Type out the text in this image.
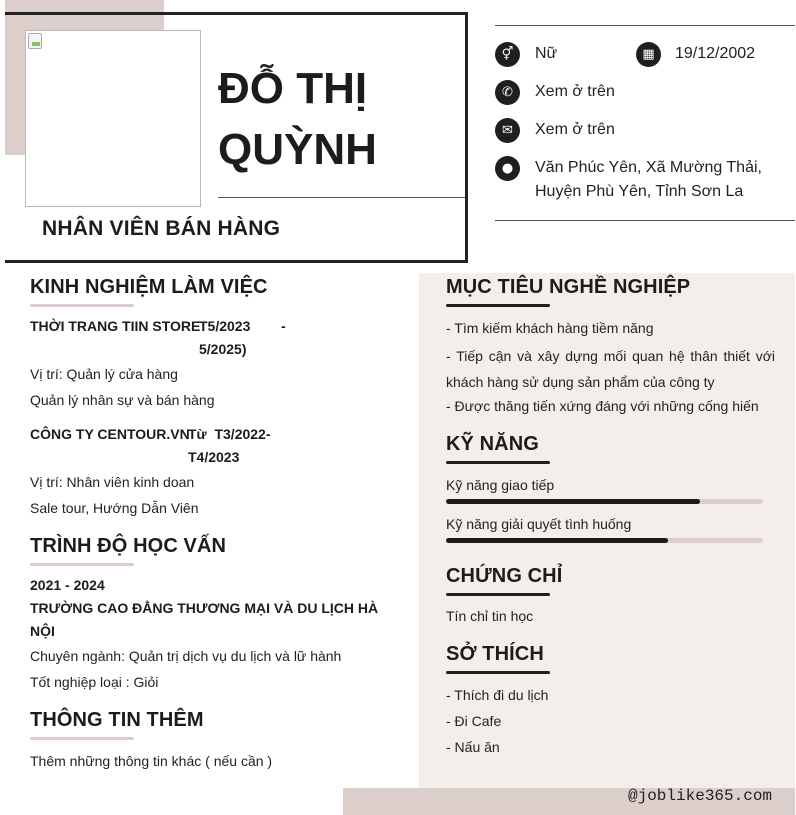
ĐỖ THỊ QUỲNH
NHÂN VIÊN BÁN HÀNG
⚥	Nữ	▦	19/12/2002
✆	Xem ở trên
✉	Xem ở trên
●	Văn Phúc Yên, Xã Mường Thải,
Huyện Phù Yên, Tỉnh Sơn La
@joblike365.com
KINH NGHIỆM LÀM VIỆC
THỜI TRANG TIIN STORE
T5/2023 -
5/2025)
Vị trí: Quản lý cửa hàng
Quản lý nhân sự và bán hàng
CÔNG TY CENTOUR.VN
Từ  T3/2022-
T4/2023
Vị trí: Nhân viên kinh doan
Sale tour, Hướng Dẫn Viên
TRÌNH ĐỘ HỌC VẤN
2021 - 2024
TRƯỜNG CAO ĐẲNG THƯƠNG MẠI VÀ DU LỊCH HÀ
NỘI
Chuyên ngành: Quản trị dịch vụ du lịch và lữ hành
Tốt nghiệp loại : Giỏi
THÔNG TIN THÊM
Thêm những thông tin khác ( nếu cần )
MỤC TIÊU NGHỀ NGHIỆP
- Tìm kiếm khách hàng tiềm năng
- Tiếp cận và xây dựng mối quan hệ thân thiết với khách hàng sử dụng sản phẩm của công ty
- Được thăng tiến xứng đáng với những cống hiến
KỸ NĂNG
Kỹ năng giao tiếp
Kỹ năng giải quyết tình huống
CHỨNG CHỈ
Tín chỉ tin học
SỞ THÍCH
- Thích đi du lịch
- Đi Cafe
- Nấu ăn
